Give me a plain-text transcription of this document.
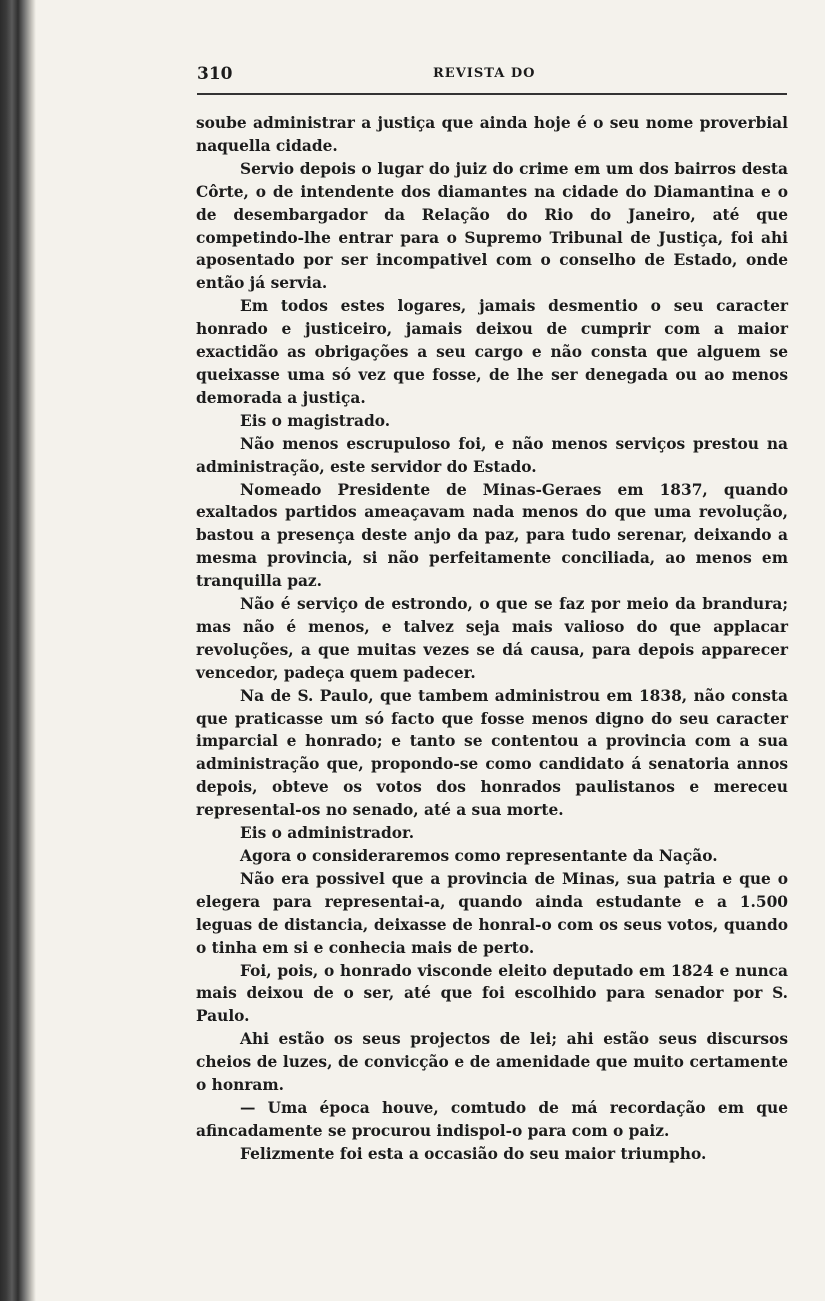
310	REVISTA DO

soube administrar a justiça que ainda hoje é o seu nome proverbial naquella cidade.

Servio depois o lugar do juiz do crime em um dos bairros desta Côrte, o de intendente dos diamantes na cidade do Diamantina e o de desembargador da Relação do Rio do Janeiro, até que competindo-lhe entrar para o Supremo Tribunal de Justiça, foi ahi aposentado por ser incompativel com o conselho de Estado, onde então já servia.

Em todos estes logares, jamais desmentio o seu caracter honrado e justiceiro, jamais deixou de cumprir com a maior exactidão as obrigações a seu cargo e não consta que alguem se queixasse uma só vez que fosse, de lhe ser denegada ou ao menos demorada a justiça.

Eis o magistrado.

Não menos escrupuloso foi, e não menos serviços prestou na administração, este servidor do Estado.

Nomeado Presidente de Minas-Geraes em 1837, quando exaltados partidos ameaçavam nada menos do que uma revolução, bastou a presença deste anjo da paz, para tudo serenar, deixando a mesma provincia, si não perfeitamente conciliada, ao menos em tranquilla paz.

Não é serviço de estrondo, o que se faz por meio da brandura; mas não é menos, e talvez seja mais valioso do que applacar revoluções, a que muitas vezes se dá causa, para depois apparecer vencedor, padeça quem padecer.

Na de S. Paulo, que tambem administrou em 1838, não consta que praticasse um só facto que fosse menos digno do seu caracter imparcial e honrado; e tanto se contentou a provincia com a sua administração que, propondo-se como candidato á senatoria annos depois, obteve os votos dos honrados paulistanos e mereceu represental-os no senado, até a sua morte.

Eis o administrador.

Agora o consideraremos como representante da Nação.

Não era possivel que a provincia de Minas, sua patria e que o elegera para representai-a, quando ainda estudante e a 1.500 leguas de distancia, deixasse de honral-o com os seus votos, quando o tinha em si e conhecia mais de perto.

Foi, pois, o honrado visconde eleito deputado em 1824 e nunca mais deixou de o ser, até que foi escolhido para senador por S. Paulo.

Ahi estão os seus projectos de lei; ahi estão seus discursos cheios de luzes, de convicção e de amenidade que muito certamente o honram.

— Uma época houve, comtudo de má recordação em que afincadamente se procurou indispol-o para com o paiz.

Felizmente foi esta a occasião do seu maior triumpho.
